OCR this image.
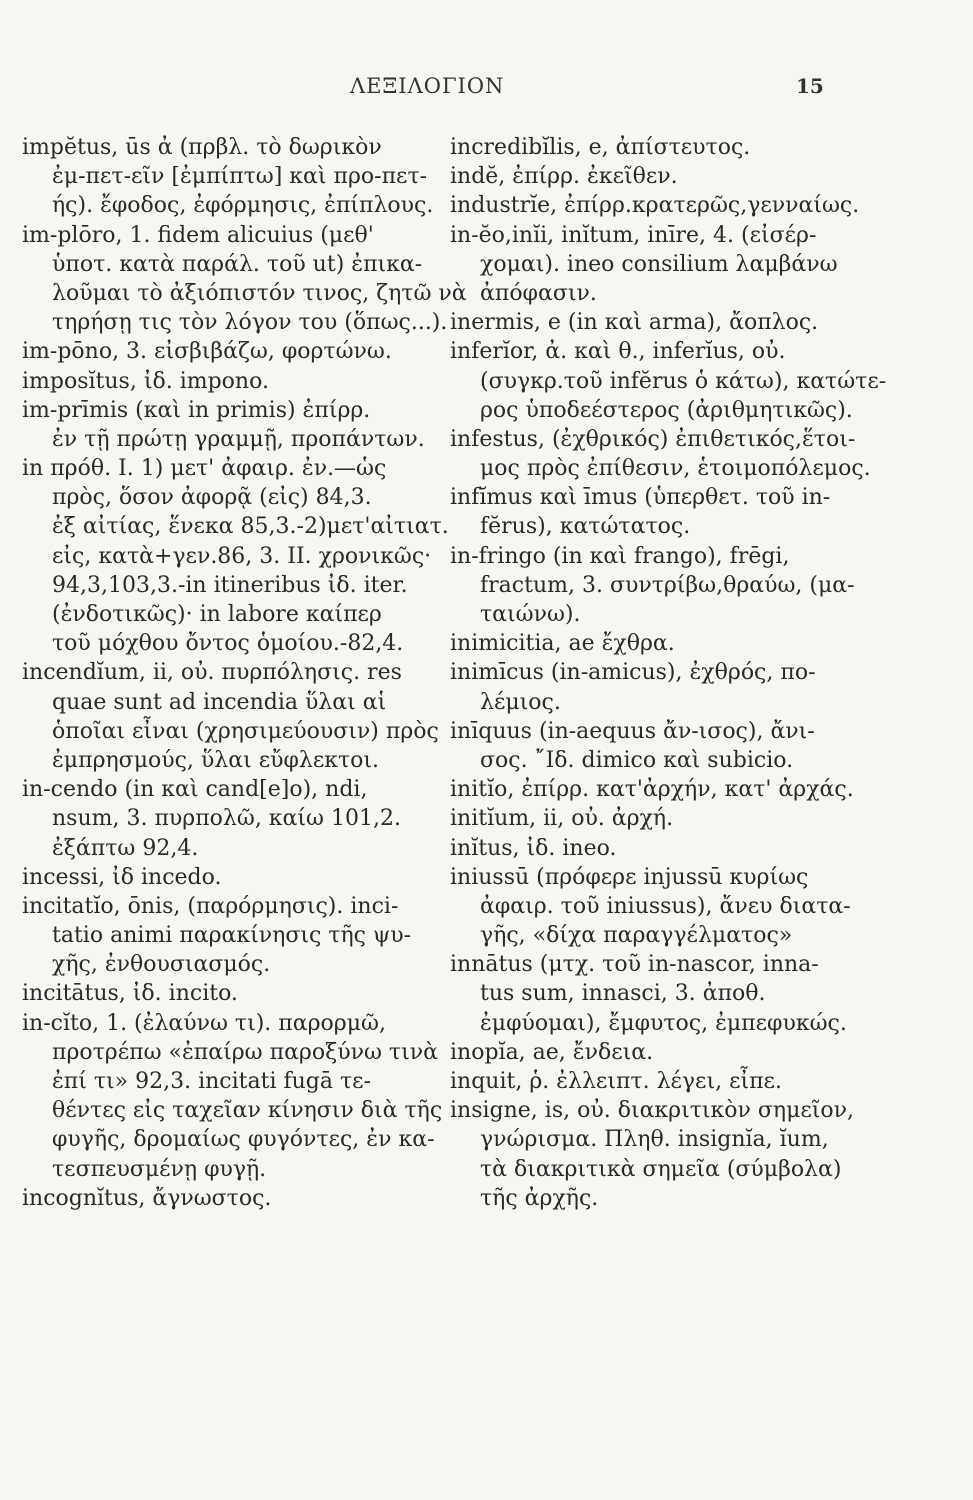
ΛΕΞΙΛΟΓΙΟΝ	15
impĕtus, ūs ἀ (πρβλ. τὸ δωρικὸν
ἐμ-πετ-εῖν [ἐμπίπτω] καὶ προ-πετ-
ής). ἔφοδος, ἐφόρμησις, ἐπίπλους.
im-plōro, 1. fidem alicuius (μεθ'
ὑποτ. κατὰ παράλ. τοῦ ut) ἐπικα-
λοῦμαι τὸ ἀξιόπιστόν τινος, ζητῶ νὰ
τηρήσῃ τις τὸν λόγον του (ὅπως...).
im-pōno, 3. εἰσβιβάζω, φορτώνω.
imposĭtus, ἰδ. impono.
im-prīmis (καὶ in primis) ἐπίρρ.
ἐν τῇ πρώτῃ γραμμῇ, προπάντων.
in πρόθ. I. 1) μετ' ἀφαιρ. ἐν.—ὡς
πρὸς, ὅσον ἀφορᾷ (εἰς) 84,3.
ἐξ αἰτίας, ἕνεκα 85,3.-2)μετ'αἰτιατ.
εἰς, κατὰ+γεν.86, 3. II. χρονικῶς·
94,3,103,3.-in itineribus ἰδ. iter.
(ἐνδοτικῶς)· in labore καίπερ
τοῦ μόχθου ὄντος ὁμοίου.-82,4.
incendĭum, ii, οὐ. πυρπόλησις. res
quae sunt ad incendia ὕλαι αἱ
ὁποῖαι εἶναι (χρησιμεύουσιν) πρὸς
ἐμπρησμούς, ὕλαι εὔφλεκτοι.
in-cendo (in καὶ cand[e]o), ndi,
nsum, 3. πυρπολῶ, καίω 101,2.
ἐξάπτω 92,4.
incessi, ἰδ incedo.
incitatĭo, ōnis, (παρόρμησις). inci-
tatio animi παρακίνησις τῆς ψυ-
χῆς, ἐνθουσιασμός.
incitātus, ἰδ. incito.
in-cĭto, 1. (ἐλαύνω τι). παρορμῶ,
προτρέπω «ἐπαίρω παροξύνω τινὰ
ἐπί τι» 92,3. incitati fugā τε-
θέντες εἰς ταχεῖαν κίνησιν διὰ τῆς
φυγῆς, δρομαίως φυγόντες, ἐν κα-
τεσπευσμένῃ φυγῇ.
incognĭtus, ἄγνωστος.
incredibĭlis, e, ἀπίστευτος.
indĕ, ἐπίρρ. ἐκεῖθεν.
industrĭe, ἐπίρρ.κρατερῶς,γενναίως.
in-ĕo,inĭi, inĭtum, inīre, 4. (εἰσέρ-
χομαι). ineo consilium λαμβάνω
ἀπόφασιν.
inermis, e (in καὶ arma), ἄοπλος.
inferĭor, ἀ. καὶ θ., inferĭus, οὐ.
(συγκρ.τοῦ infĕrus ὁ κάτω), κατώτε-
ρος ὑποδεέστερος (ἀριθμητικῶς).
infestus, (ἐχθρικός) ἐπιθετικός,ἕτοι-
μος πρὸς ἐπίθεσιν, ἑτοιμοπόλεμος.
infĭmus καὶ īmus (ὑπερθετ. τοῦ in-
fĕrus), κατώτατος.
in-fringo (in καὶ frango), frēgi,
fractum, 3. συντρίβω,θραύω, (μα-
ταιώνω).
inimicitia, ae ἔχθρα.
inimīcus (in-amicus), ἐχθρός, πο-
λέμιος.
inīquus (in-aequus ἄν-ισος), ἄνι-
σος. ῎Ιδ. dimico καὶ subicio.
initĭo, ἐπίρρ. κατ'ἀρχήν, κατ' ἀρχάς.
initĭum, ii, οὐ. ἀρχή.
inĭtus, ἰδ. ineo.
iniussū (πρόφερε injussū κυρίως
ἀφαιρ. τοῦ iniussus), ἄνευ διατα-
γῆς, «δίχα παραγγέλματος»
innātus (μτχ. τοῦ in-nascor, inna-
tus sum, innasci, 3. ἀποθ.
ἐμφύομαι), ἔμφυτος, ἐμπεφυκώς.
inopĭa, ae, ἔνδεια.
inquit, ῥ. ἐλλειπτ. λέγει, εἶπε.
insigne, is, οὐ. διακριτικὸν σημεῖον,
γνώρισμα. Πληθ. insignĭa, ĭum,
τὰ διακριτικὰ σημεῖα (σύμβολα)
τῆς ἀρχῆς.
